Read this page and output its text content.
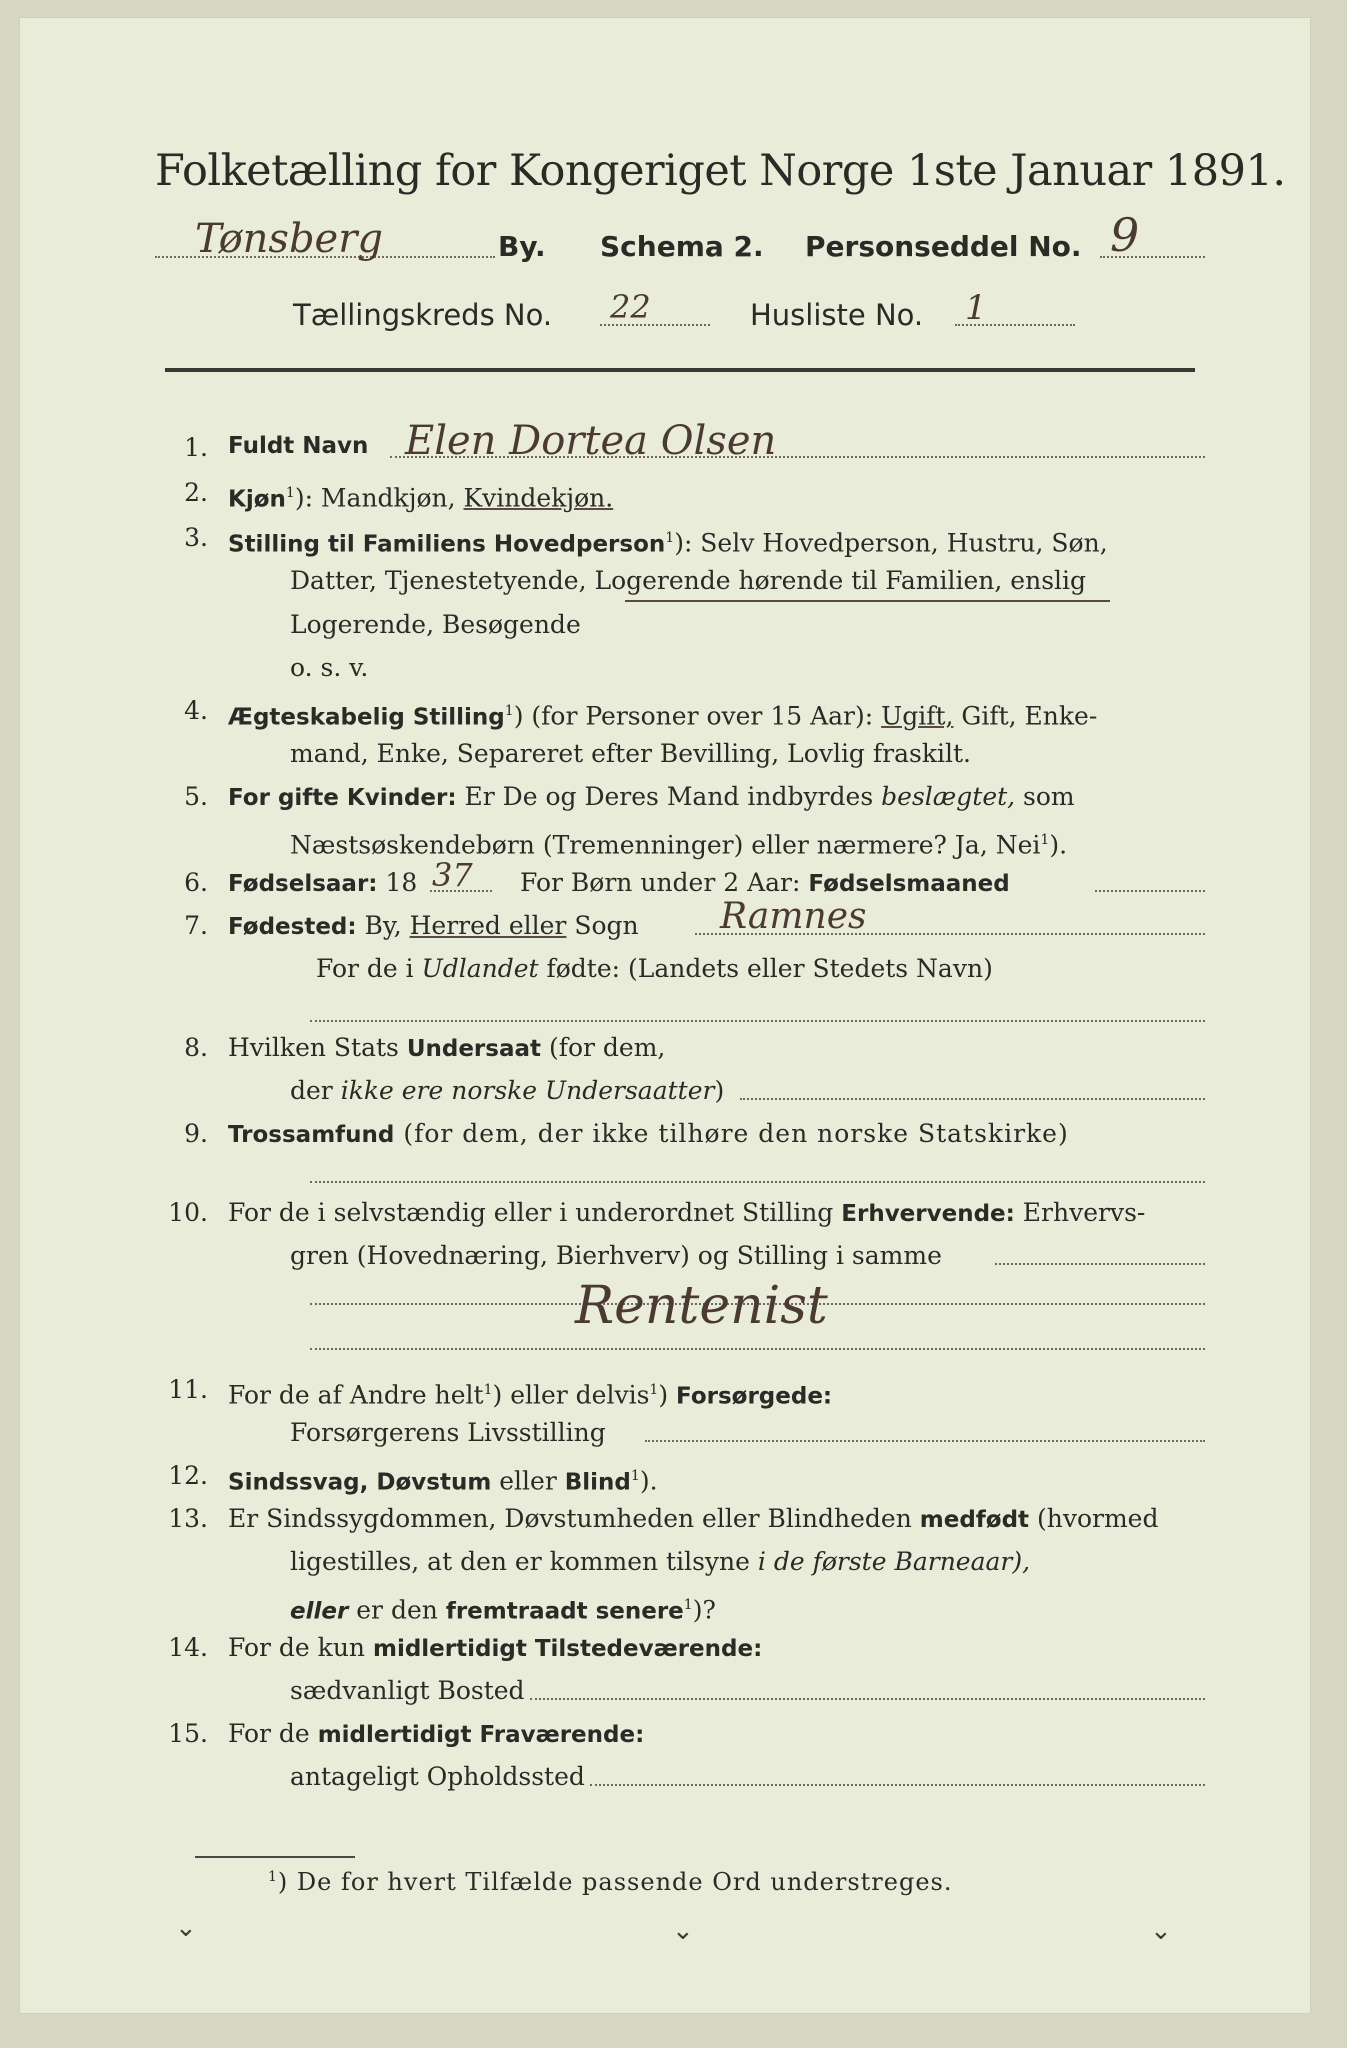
Folketælling for Kongeriget Norge 1ste Januar 1891.
Tønsberg	By. Schema 2. Personseddel No. 9
Tællingskreds No. 22	Husliste No. 1
1. Fuldt Navn Elen Dortea Olsen
2. Kjøn$^1$): Mandkjøn, Kvindekjøn.
3. Stilling til Familiens Hovedperson$^1$): Selv Hovedperson, Hustru, Søn,
Datter, Tjenestetyende, Logerende hørende til Familien, enslig
Logerende, Besøgende
o. s. v.
4. Ægteskabelig Stilling$^1$) (for Personer over 15 Aar): Ugift, Gift, Enke-
mand, Enke, Separeret efter Bevilling, Lovlig fraskilt.
5. For gifte Kvinder: Er De og Deres Mand indbyrdes beslægtet, som
Næstsøskendebørn (Tremenninger) eller nærmere? Ja, Nei$^1$).
6. Fødselsaar: 18 37 For Børn under 2 Aar: Fødselsmaaned
7. Fødested: By, Herred eller Sogn Ramnes
For de i Udlandet fødte: (Landets eller Stedets Navn)
8. Hvilken Stats Undersaat (for dem,
der ikke ere norske Undersaatter)
9. Trossamfund (for dem, der ikke tilhøre den norske Statskirke)
10. For de i selvstændig eller i underordnet Stilling Erhvervende: Erhvervs-
gren (Hovednæring, Bierhverv) og Stilling i samme
Rentenist
11. For de af Andre helt$^1$) eller delvis$^1$) Forsørgede:
Forsørgerens Livsstilling
12. Sindssvag, Døvstum eller Blind$^1$).
13. Er Sindssygdommen, Døvstumheden eller Blindheden medfødt (hvormed
ligestilles, at den er kommen tilsyne i de første Barneaar),
eller er den fremtraadt senere$^1$)?
14. For de kun midlertidigt Tilstedeværende:
sædvanligt Bosted
15. For de midlertidigt Fraværende:
antageligt Opholdssted
$^1$) De for hvert Tilfælde passende Ord understreges.
⌄	⌄	⌄
